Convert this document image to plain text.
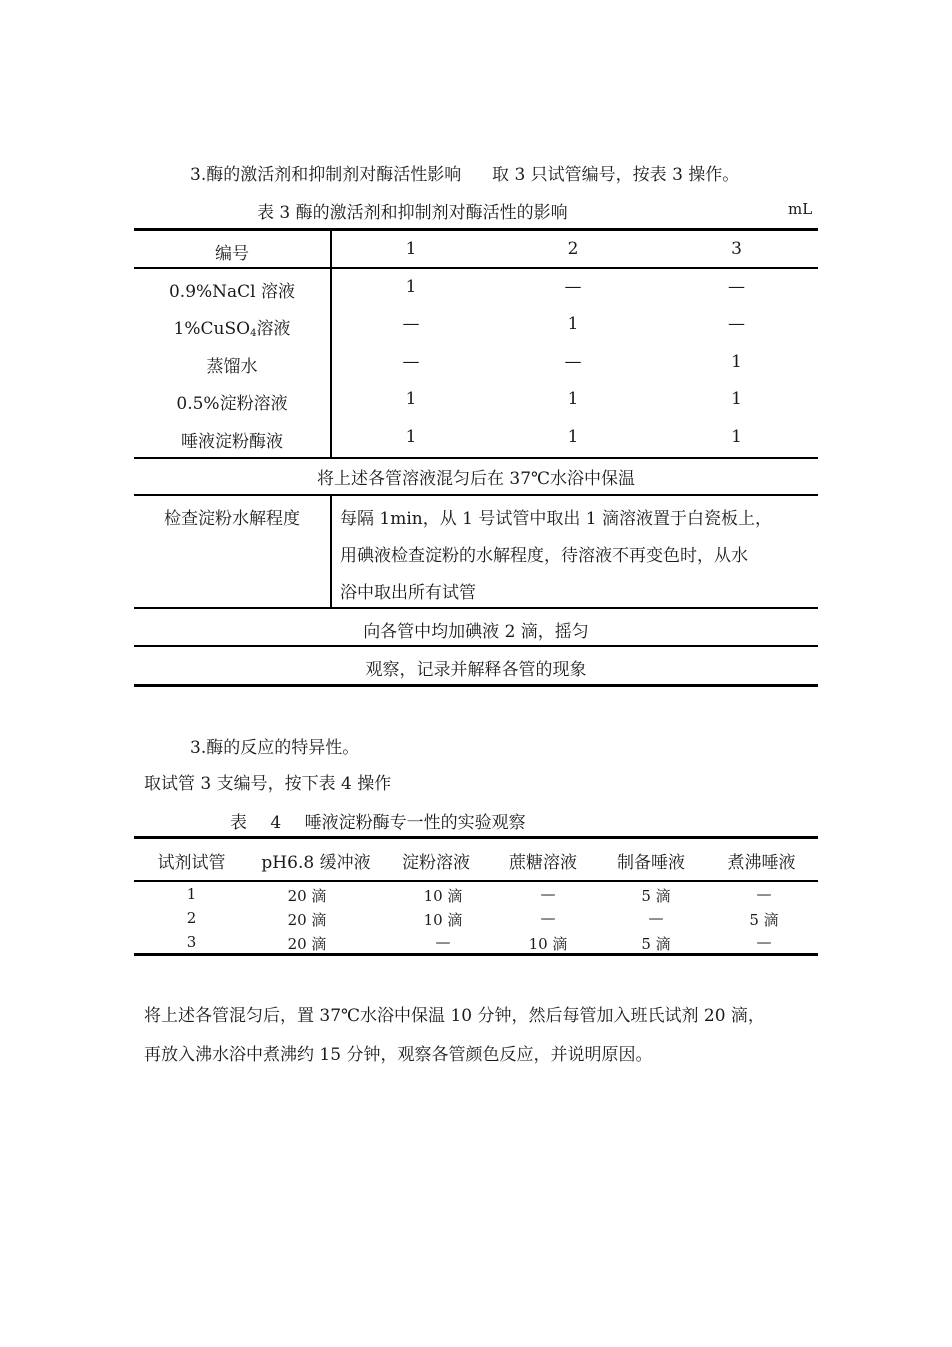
3.酶的激活剂和抑制剂对酶活性影响 取 3 只试管编号，按表 3 操作。
表 3 酶的激活剂和抑制剂对酶活性的影响	mL
编号	1	2	3
0.9%NaCl 溶液	1	—	—
1%CuSO$_4$溶液	—	1	—
蒸馏水	—	—	1
0.5%淀粉溶液	1	1	1
唾液淀粉酶液	1	1	1
将上述各管溶液混匀后在 37℃水浴中保温
检查淀粉水解程度	每隔 1min，从 1 号试管中取出 1 滴溶液置于白瓷板上，
用碘液检查淀粉的水解程度，待溶液不再变色时，从水
浴中取出所有试管
向各管中均加碘液 2 滴，摇匀
观察，记录并解释各管的现象
3.酶的反应的特异性。
取试管 3 支编号，按下表 4 操作
表 4 唾液淀粉酶专一性的实验观察
试剂试管	pH6.8 缓冲液	淀粉溶液	蔗糖溶液	制备唾液	煮沸唾液
1	20 滴	10 滴	—	5 滴	—
2	20 滴	10 滴	—	—	5 滴
3	20 滴	—	10 滴	5 滴	—
将上述各管混匀后，置 37℃水浴中保温 10 分钟，然后每管加入班氏试剂 20 滴，
再放入沸水浴中煮沸约 15 分钟，观察各管颜色反应，并说明原因。
